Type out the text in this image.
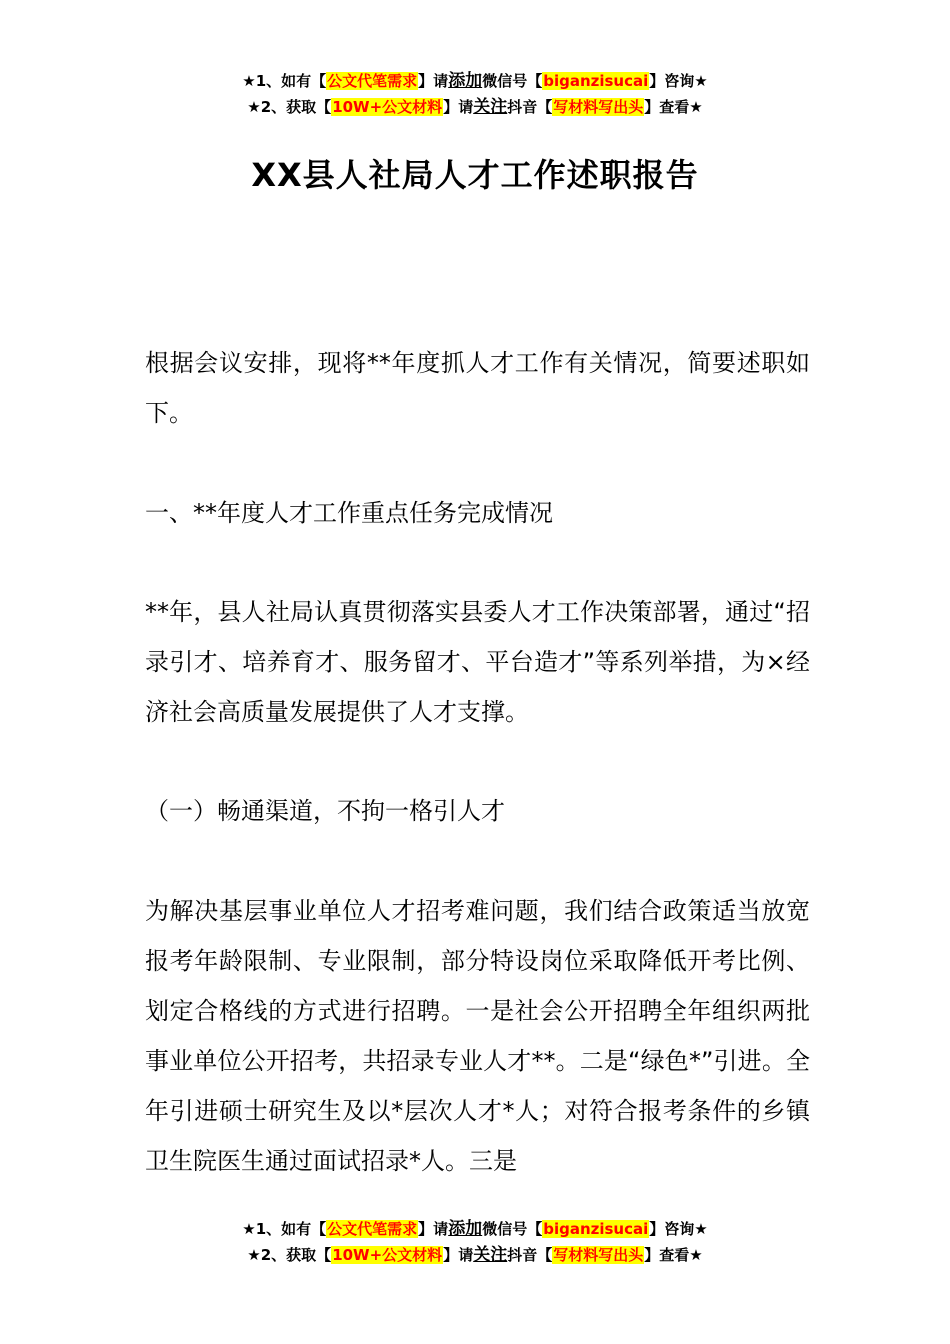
★1、如有【公文代笔需求】请添加微信号【biganzisucai】咨询★
★2、获取【10W+公文材料】请关注抖音【写材料写出头】查看★
XX县人社局人才工作述职报告
根据会议安排，现将**年度抓人才工作有关情况，简要述职如下。
一、**年度人才工作重点任务完成情况
**年，县人社局认真贯彻落实县委人才工作决策部署，通过“招录引才、培养育才、服务留才、平台造才”等系列举措，为×经济社会高质量发展提供了人才支撑。
（一）畅通渠道，不拘一格引人才
为解决基层事业单位人才招考难问题，我们结合政策适当放宽报考年龄限制、专业限制，部分特设岗位采取降低开考比例、划定合格线的方式进行招聘。一是社会公开招聘全年组织两批事业单位公开招考，共招录专业人才**。二是“绿色*”引进。全年引进硕士研究生及以*层次人才*人；对符合报考条件的乡镇卫生院医生通过面试招录*人。三是
★1、如有【公文代笔需求】请添加微信号【biganzisucai】咨询★
★2、获取【10W+公文材料】请关注抖音【写材料写出头】查看★
